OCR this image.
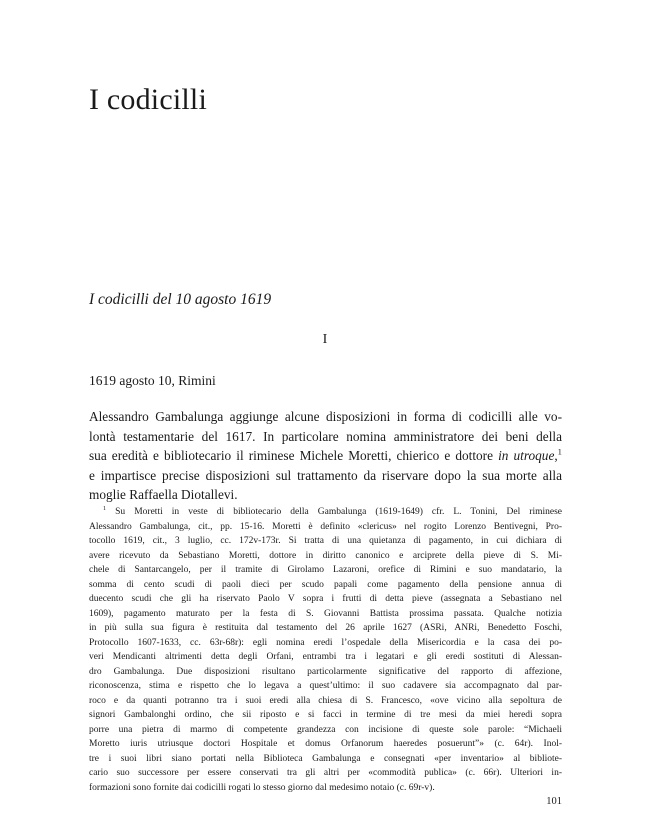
I codicilli
I codicilli del 10 agosto 1619
I
1619 agosto 10, Rimini
Alessandro Gambalunga aggiunge alcune disposizioni in forma di codicilli alle vo-
lontà testamentarie del 1617. In particolare nomina amministratore dei beni della
sua eredità e bibliotecario il riminese Michele Moretti, chierico e dottore in utroque,$^1$
e impartisce precise disposizioni sul trattamento da riservare dopo la sua morte alla
moglie Raffaella Diotallevi.
$^1$ Su Moretti in veste di bibliotecario della Gambalunga (1619-1649) cfr. L. Tonini, Del riminese
Alessandro Gambalunga, cit., pp. 15-16. Moretti è definito «clericus» nel rogito Lorenzo Bentivegni, Pro-
tocollo 1619, cit., 3 luglio, cc. 172v-173r. Si tratta di una quietanza di pagamento, in cui dichiara di
avere ricevuto da Sebastiano Moretti, dottore in diritto canonico e arciprete della pieve di S. Mi-
chele di Santarcangelo, per il tramite di Girolamo Lazaroni, orefice di Rimini e suo mandatario, la
somma di cento scudi di paoli dieci per scudo papali come pagamento della pensione annua di
duecento scudi che gli ha riservato Paolo V sopra i frutti di detta pieve (assegnata a Sebastiano nel
1609), pagamento maturato per la festa di S. Giovanni Battista prossima passata. Qualche notizia
in più sulla sua figura è restituita dal testamento del 26 aprile 1627 (ASRi, ANRi, Benedetto Foschi,
Protocollo 1607-1633, cc. 63r-68r): egli nomina eredi l’ospedale della Misericordia e la casa dei po-
veri Mendicanti altrimenti detta degli Orfani, entrambi tra i legatari e gli eredi sostituti di Alessan-
dro Gambalunga. Due disposizioni risultano particolarmente significative del rapporto di affezione,
riconoscenza, stima e rispetto che lo legava a quest’ultimo: il suo cadavere sia accompagnato dal par-
roco e da quanti potranno tra i suoi eredi alla chiesa di S. Francesco, «ove vicino alla sepoltura de
signori Gambalonghi ordino, che sii riposto e si facci in termine di tre mesi da miei heredi sopra
porre una pietra di marmo di competente grandezza con incisione di queste sole parole: “Michaeli
Moretto iuris utriusque doctori Hospitale et domus Orfanorum haeredes posuerunt”» (c. 64r). Inol-
tre i suoi libri siano portati nella Biblioteca Gambalunga e consegnati «per inventario» al bibliote-
cario suo successore per essere conservati tra gli altri per «commodità publica» (c. 66r). Ulteriori in-
formazioni sono fornite dai codicilli rogati lo stesso giorno dal medesimo notaio (c. 69r-v).
101
